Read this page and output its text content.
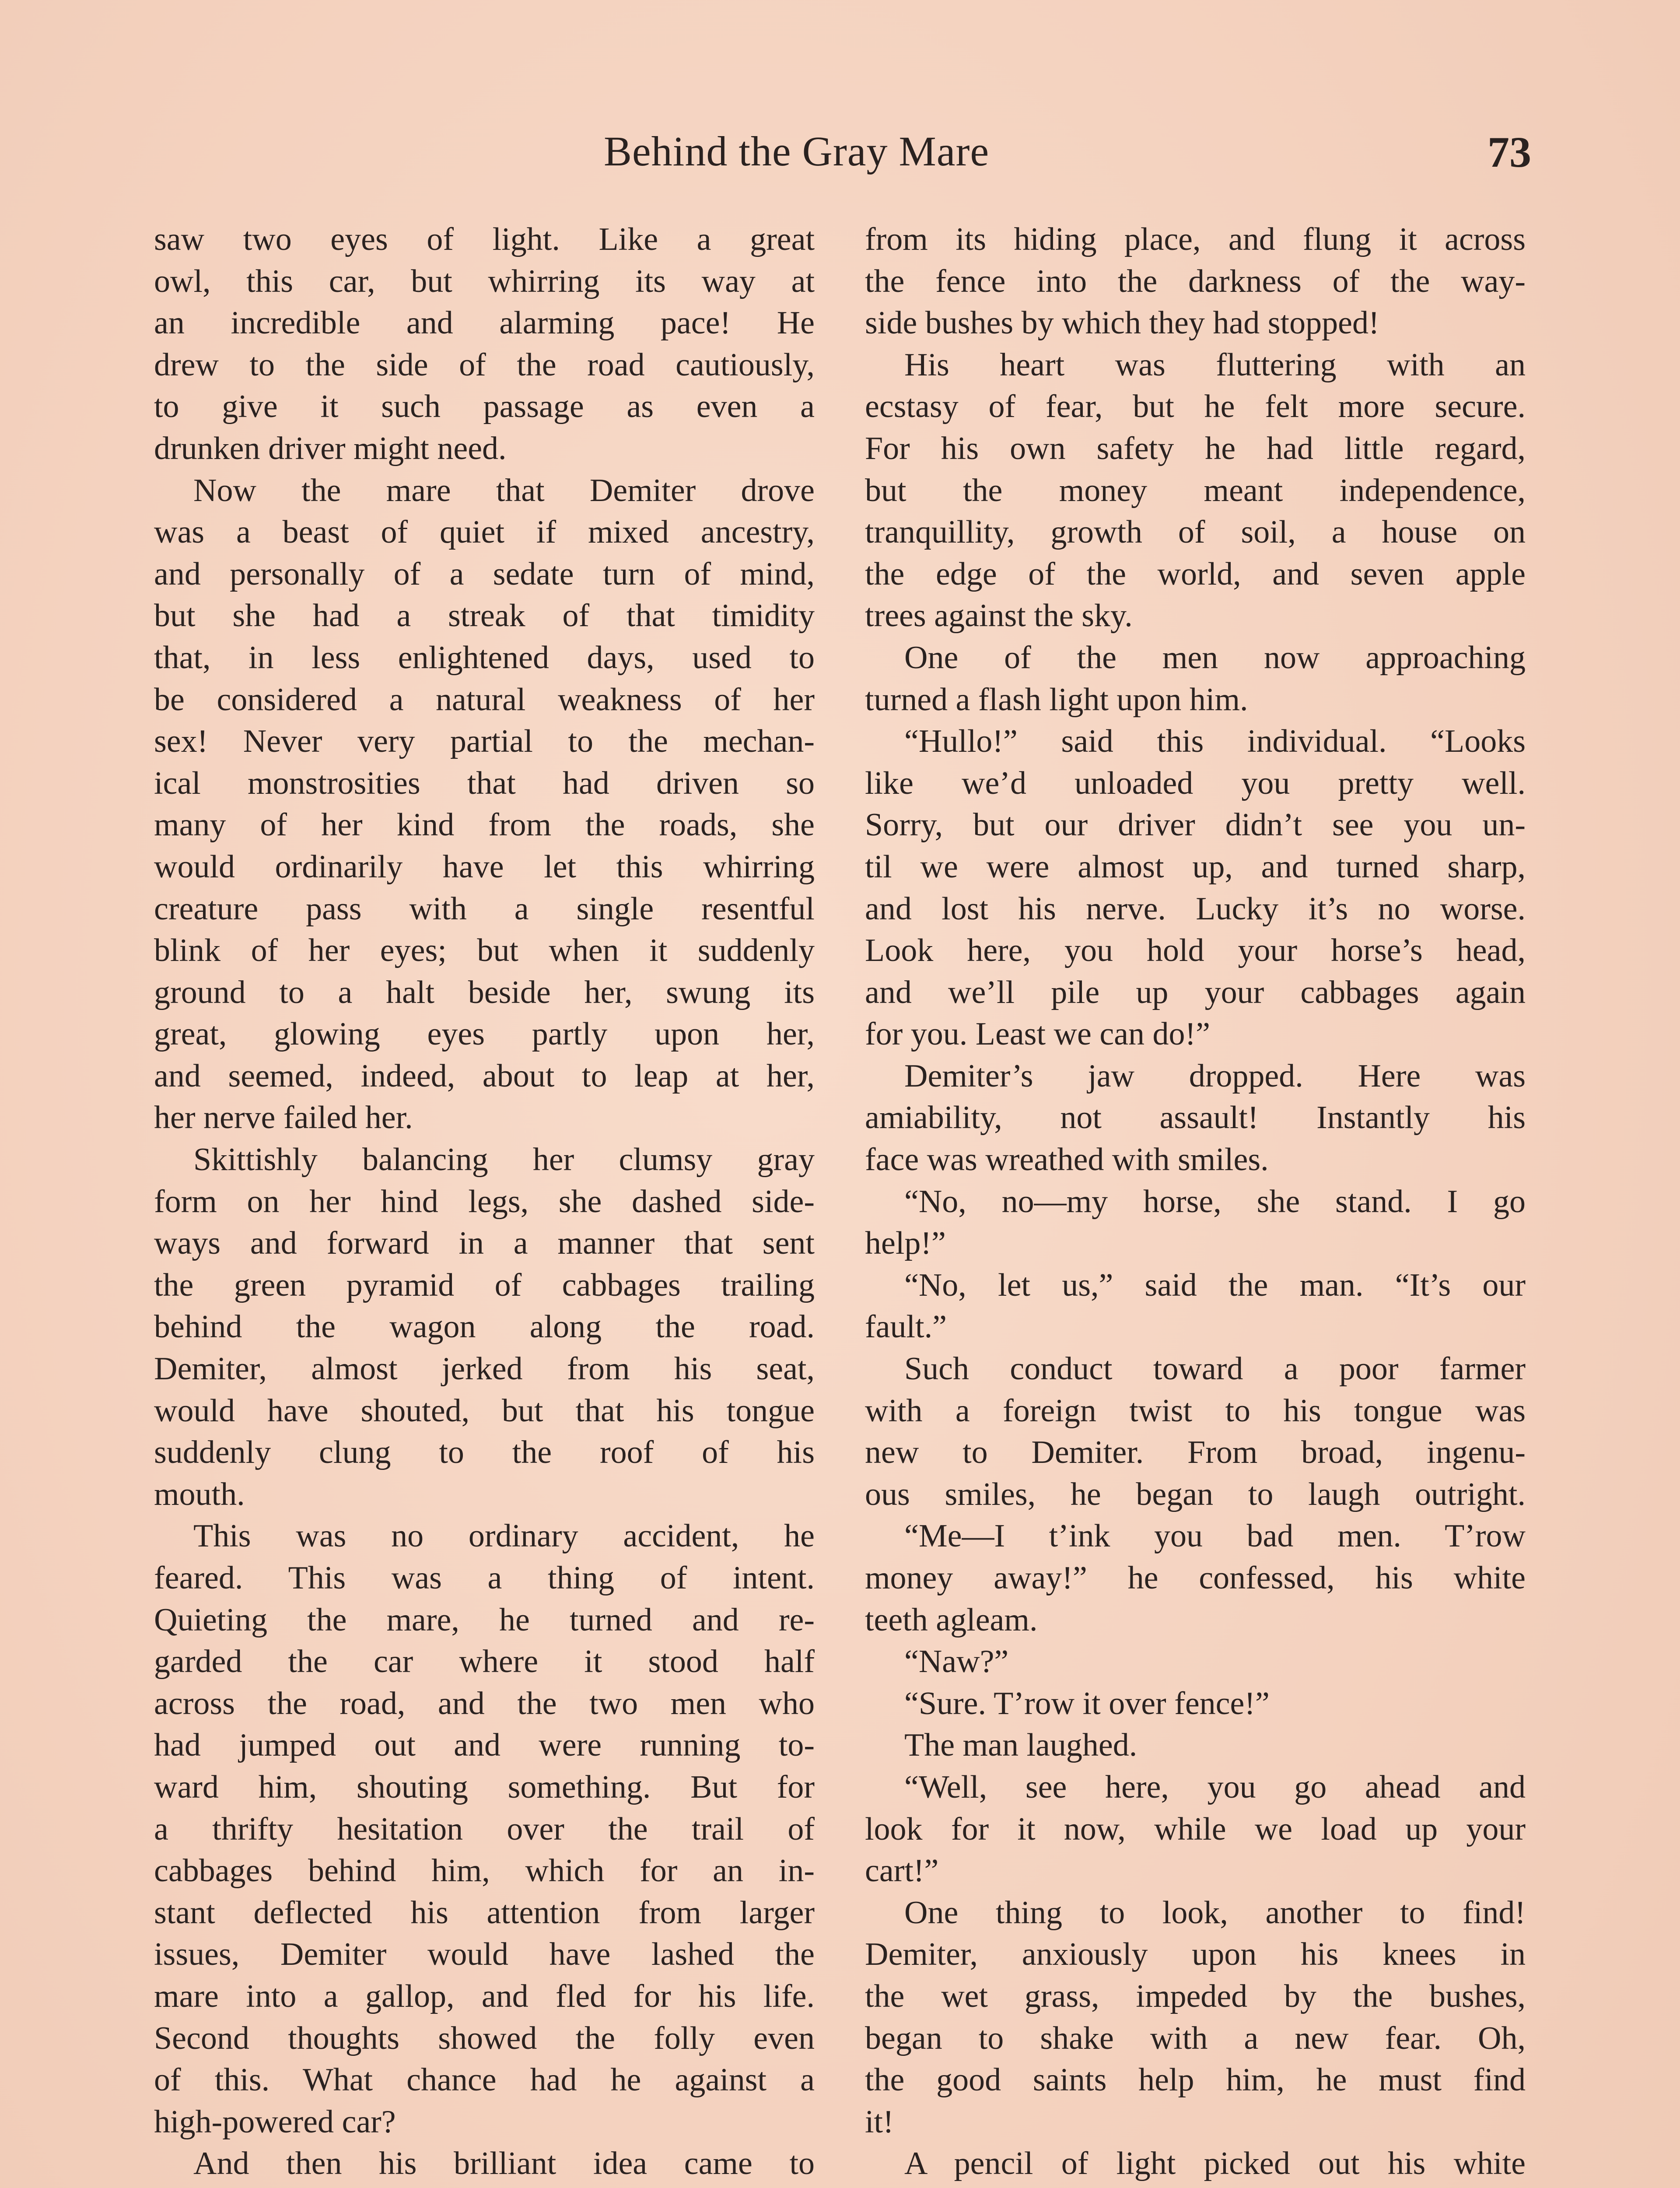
Behind the Gray Mare	73
saw two eyes of light. Like a great
owl, this car, but whirring its way at
an incredible and alarming pace! He
drew to the side of the road cautiously,
to give it such passage as even a
drunken driver might need.
Now the mare that Demiter drove
was a beast of quiet if mixed ancestry,
and personally of a sedate turn of mind,
but she had a streak of that timidity
that, in less enlightened days, used to
be considered a natural weakness of her
sex! Never very partial to the mechan-
ical monstrosities that had driven so
many of her kind from the roads, she
would ordinarily have let this whirring
creature pass with a single resentful
blink of her eyes; but when it suddenly
ground to a halt beside her, swung its
great, glowing eyes partly upon her,
and seemed, indeed, about to leap at her,
her nerve failed her.
Skittishly balancing her clumsy gray
form on her hind legs, she dashed side-
ways and forward in a manner that sent
the green pyramid of cabbages trailing
behind the wagon along the road.
Demiter, almost jerked from his seat,
would have shouted, but that his tongue
suddenly clung to the roof of his
mouth.
This was no ordinary accident, he
feared. This was a thing of intent.
Quieting the mare, he turned and re-
garded the car where it stood half
across the road, and the two men who
had jumped out and were running to-
ward him, shouting something. But for
a thrifty hesitation over the trail of
cabbages behind him, which for an in-
stant deflected his attention from larger
issues, Demiter would have lashed the
mare into a gallop, and fled for his life.
Second thoughts showed the folly even
of this. What chance had he against a
high-powered car?
And then his brilliant idea came to
from its hiding place, and flung it across
the fence into the darkness of the way-
side bushes by which they had stopped!
His heart was fluttering with an
ecstasy of fear, but he felt more secure.
For his own safety he had little regard,
but the money meant independence,
tranquillity, growth of soil, a house on
the edge of the world, and seven apple
trees against the sky.
One of the men now approaching
turned a flash light upon him.
“Hullo!” said this individual. “Looks
like we’d unloaded you pretty well.
Sorry, but our driver didn’t see you un-
til we were almost up, and turned sharp,
and lost his nerve. Lucky it’s no worse.
Look here, you hold your horse’s head,
and we’ll pile up your cabbages again
for you. Least we can do!”
Demiter’s jaw dropped. Here was
amiability, not assault! Instantly his
face was wreathed with smiles.
“No, no—my horse, she stand. I go
help!”
“No, let us,” said the man. “It’s our
fault.”
Such conduct toward a poor farmer
with a foreign twist to his tongue was
new to Demiter. From broad, ingenu-
ous smiles, he began to laugh outright.
“Me—I t’ink you bad men. T’row
money away!” he confessed, his white
teeth agleam.
“Naw?”
“Sure. T’row it over fence!”
The man laughed.
“Well, see here, you go ahead and
look for it now, while we load up your
cart!”
One thing to look, another to find!
Demiter, anxiously upon his knees in
the wet grass, impeded by the bushes,
began to shake with a new fear. Oh,
the good saints help him, he must find
it!
A pencil of light picked out his white
